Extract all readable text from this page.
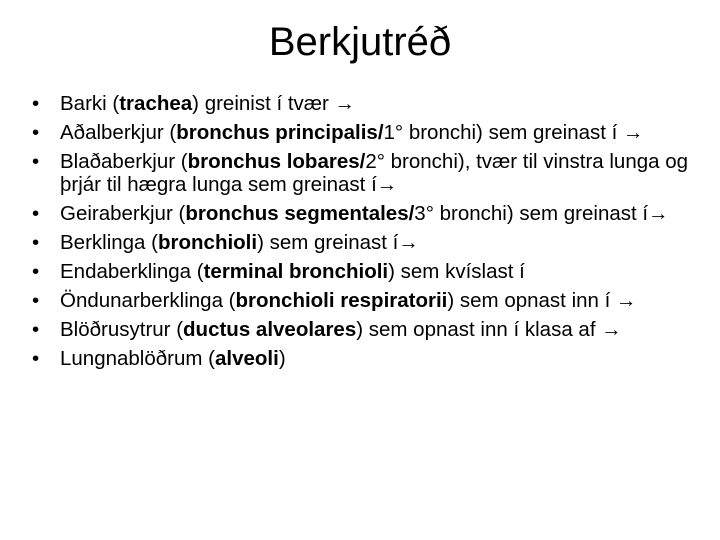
Berkjutréð
• Barki (trachea) greinist í tvær →
• Aðalberkjur (bronchus principalis/1° bronchi) sem greinast í →
• Blaðaberkjur (bronchus lobares/2° bronchi), tvær til vinstra lunga og þrjár til hægra lunga sem greinast í→
• Geiraberkjur (bronchus segmentales/3° bronchi) sem greinast í→
• Berklinga (bronchioli) sem greinast í→
• Endaberklinga (terminal bronchioli) sem kvíslast í
• Öndunarberklinga (bronchioli respiratorii) sem opnast inn í →
• Blöðrusytrur (ductus alveolares) sem opnast inn í klasa af →
• Lungnablöðrum (alveoli)
